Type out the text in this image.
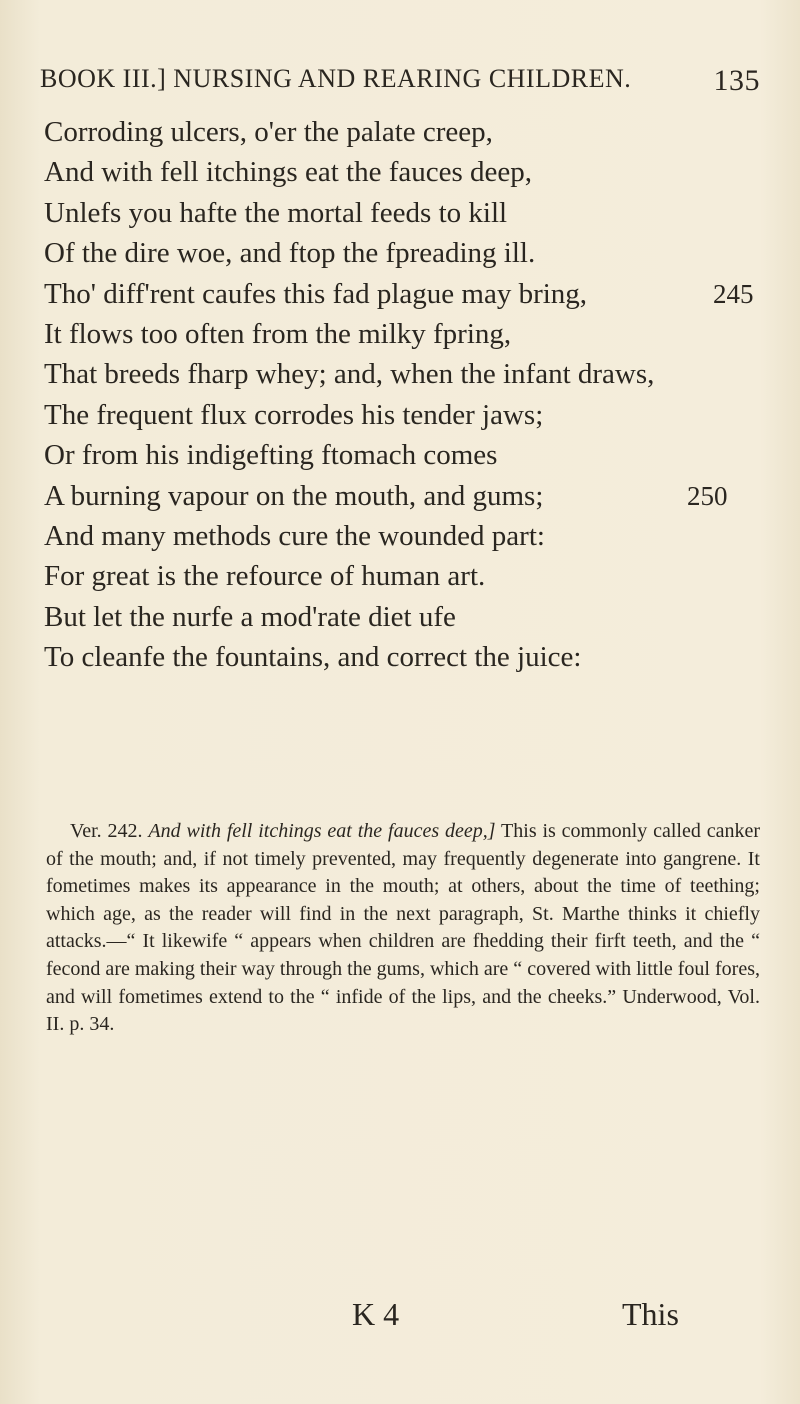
BOOK III.] NURSING AND REARING CHILDREN.	135
Corroding ulcers, o'er the palate creep,
And with fell itchings eat the fauces deep,
Unlefs you hafte the mortal feeds to kill
Of the dire woe, and ftop the fpreading ill.
Tho' diff'rent caufes this fad plague may bring,	245
It flows too often from the milky fpring,
That breeds fharp whey; and, when the infant draws,
The frequent flux corrodes his tender jaws;
Or from his indigefting ftomach comes
A burning vapour on the mouth, and gums;	250
And many methods cure the wounded part:
For great is the refource of human art.
But let the nurfe a mod'rate diet ufe
To cleanfe the fountains, and correct the juice:

Ver. 242. And with fell itchings eat the fauces deep,] This is commonly called canker of the mouth; and, if not timely prevented, may frequently degenerate into gangrene. It fometimes makes its appearance in the mouth; at others, about the time of teething; which age, as the reader will find in the next paragraph, St. Marthe thinks it chiefly attacks.—“ It likewife “ appears when children are fhedding their firft teeth, and the “ fecond are making their way through the gums, which are “ covered with little foul fores, and will fometimes extend to the “ infide of the lips, and the cheeks.” Underwood, Vol. II. p. 34.

K 4	This
